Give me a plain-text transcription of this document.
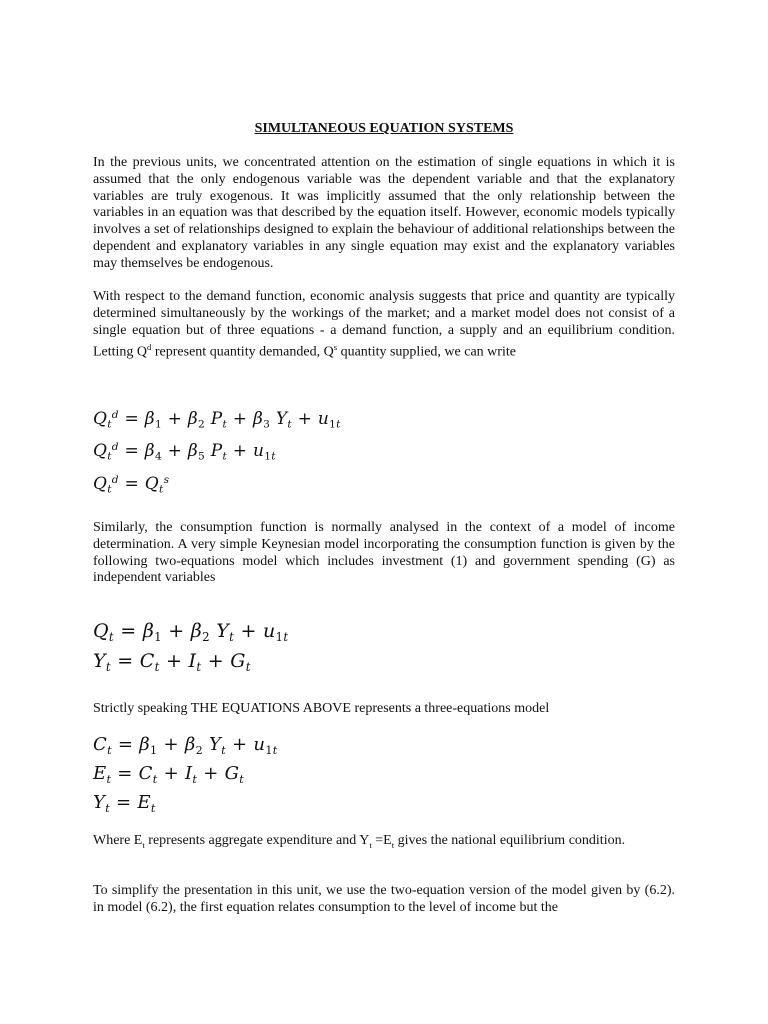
SIMULTANEOUS EQUATION SYSTEMS

In the previous units, we concentrated attention on the estimation of single equations in which it is assumed that the only endogenous variable was the dependent variable and that the explanatory variables are truly exogenous. It was implicitly assumed that the only relationship between the variables in an equation was that described by the equation itself. However, economic models typically involves a set of relationships designed to explain the behaviour of additional relationships between the dependent and explanatory variables in any single equation may exist and the explanatory variables may themselves be endogenous.

With respect to the demand function, economic analysis suggests that price and quantity are typically determined simultaneously by the workings of the market; and a market model does not consist of a single equation but of three equations - a demand function, a supply and an equilibrium condition. Letting $Q^d$ represent quantity demanded, $Q^s$ quantity supplied, we can write

$Q_t^d = \beta_1 + \beta_2$ $P_t + \beta_3$ $Y_t + u_{1t}$
$Q_t^d = \beta_4 + \beta_5$ $P_t + u_{1t}$
$Q_t^d = Q_t^s$

Similarly, the consumption function is normally analysed in the context of a model of income determination. A very simple Keynesian model incorporating the consumption function is given by the following two-equations model which includes investment (1) and government spending (G) as independent variables

$Q_t = \beta_1 + \beta_2$ $Y_t + u_{1t}$
$Y_t = C_t + I_t + G_t$

Strictly speaking THE EQUATIONS ABOVE represents a three-equations model

$C_t = \beta_1 + \beta_2$ $Y_t + u_{1t}$
$E_t = C_t + I_t + G_t$
$Y_t = E_t$

Where $E_t$ represents aggregate expenditure and $Y_t =E_t$ gives the national equilibrium condition.

To simplify the presentation in this unit, we use the two-equation version of the model given by (6.2). in model (6.2), the first equation relates consumption to the level of income but the
